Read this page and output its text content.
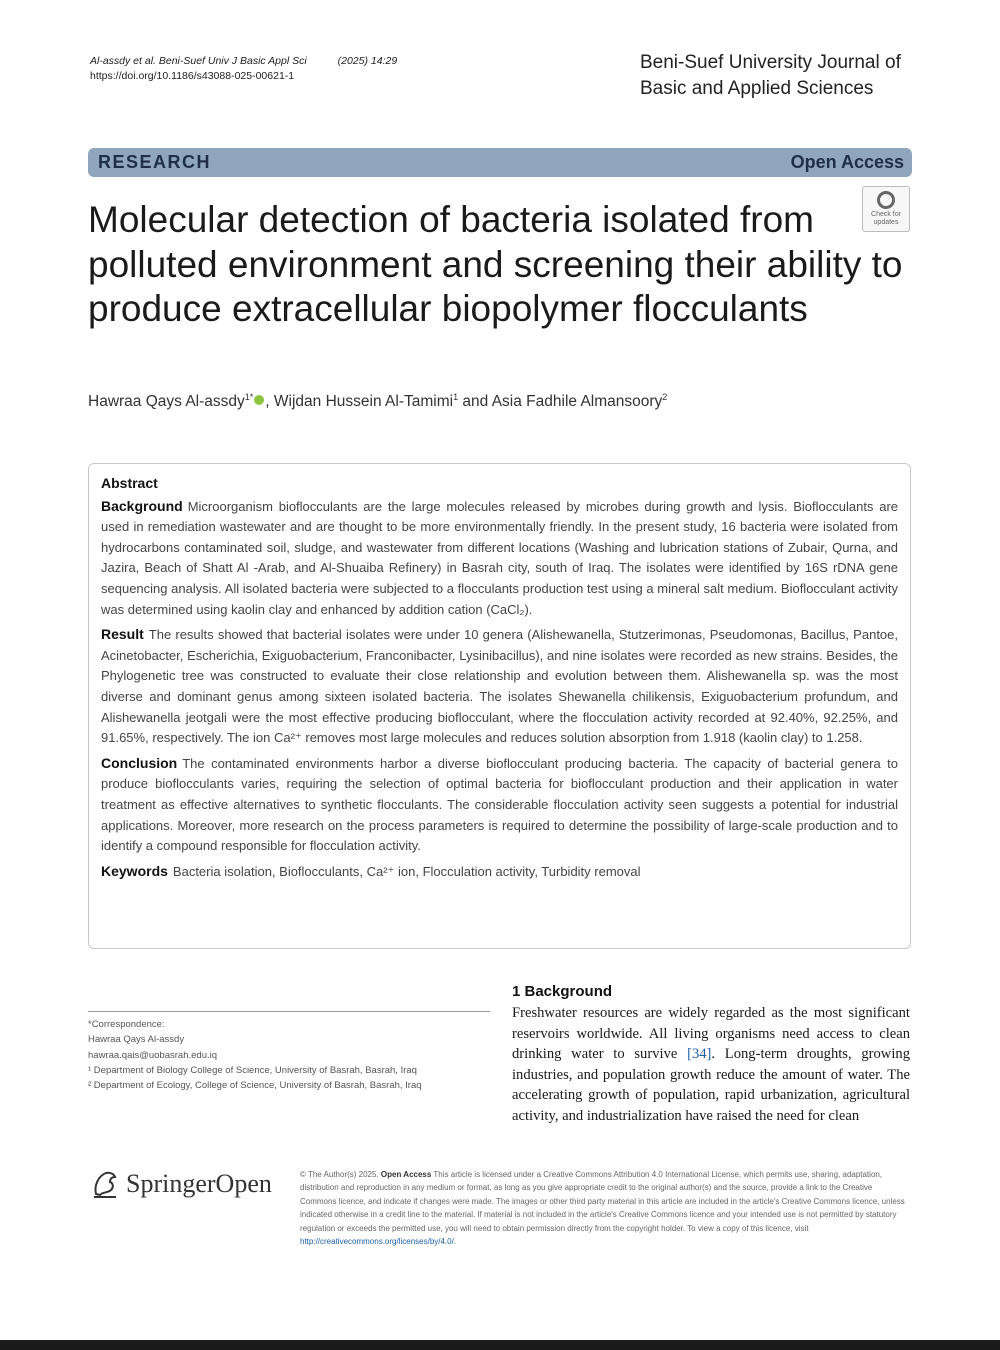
Al-assdy et al. Beni-Suef Univ J Basic Appl Sci	(2025) 14:29
https://doi.org/10.1186/s43088-025-00621-1
Beni-Suef University Journal of
Basic and Applied Sciences
RESEARCH	Open Access
Check for updates
Molecular detection of bacteria isolated from polluted environment and screening their ability to produce extracellular biopolymer flocculants
Hawraa Qays Al-assdy$^{1*}$ , Wijdan Hussein Al-Tamimi$^1$ and Asia Fadhile Almansoory$^2$
Abstract

Background Microorganism bioflocculants are the large molecules released by microbes during growth and lysis. Bioflocculants are used in remediation wastewater and are thought to be more environmentally friendly. In the present study, 16 bacteria were isolated from hydrocarbons contaminated soil, sludge, and wastewater from different locations (Washing and lubrication stations of Zubair, Qurna, and Jazira, Beach of Shatt Al -Arab, and Al-Shuaiba Refinery) in Basrah city, south of Iraq. The isolates were identified by 16S rDNA gene sequencing analysis. All isolated bacteria were subjected to a flocculants production test using a mineral salt medium. Bioflocculant activity was determined using kaolin clay and enhanced by addition cation (CaCl₂).

Result The results showed that bacterial isolates were under 10 genera (Alishewanella, Stutzerimonas, Pseudomonas, Bacillus, Pantoe, Acinetobacter, Escherichia, Exiguobacterium, Franconibacter, Lysinibacillus), and nine isolates were recorded as new strains. Besides, the Phylogenetic tree was constructed to evaluate their close relationship and evolution between them. Alishewanella sp. was the most diverse and dominant genus among sixteen isolated bacteria. The isolates Shewanella chilikensis, Exiguobacterium profundum, and Alishewanella jeotgali were the most effective producing bioflocculant, where the flocculation activity recorded at 92.40%, 92.25%, and 91.65%, respectively. The ion Ca²⁺ removes most large molecules and reduces solution absorption from 1.918 (kaolin clay) to 1.258.

Conclusion The contaminated environments harbor a diverse bioflocculant producing bacteria. The capacity of bacterial genera to produce bioflocculants varies, requiring the selection of optimal bacteria for bioflocculant production and their application in water treatment as effective alternatives to synthetic flocculants. The considerable flocculation activity seen suggests a potential for industrial applications. Moreover, more research on the process parameters is required to determine the possibility of large-scale production and to identify a compound responsible for flocculation activity.

Keywords Bacteria isolation, Bioflocculants, Ca²⁺ ion, Flocculation activity, Turbidity removal

*Correspondence:
Hawraa Qays Al-assdy
hawraa.qais@uobasrah.edu.iq
¹ Department of Biology College of Science, University of Basrah, Basrah, Iraq
² Department of Ecology, College of Science, University of Basrah, Basrah, Iraq
1 Background

Freshwater resources are widely regarded as the most significant reservoirs worldwide. All living organisms need access to clean drinking water to survive [34]. Long-term droughts, growing industries, and population growth reduce the amount of water. The accelerating growth of population, rapid urbanization, agricultural activity, and industrialization have raised the need for clean

SpringerOpen	© The Author(s) 2025. Open Access This article is licensed under a Creative Commons Attribution 4.0 International License, which permits use, sharing, adaptation, distribution and reproduction in any medium or format, as long as you give appropriate credit to the original author(s) and the source, provide a link to the Creative Commons licence, and indicate if changes were made. The images or other third party material in this article are included in the article's Creative Commons licence, unless indicated otherwise in a credit line to the material. If material is not included in the article's Creative Commons licence and your intended use is not permitted by statutory regulation or exceeds the permitted use, you will need to obtain permission directly from the copyright holder. To view a copy of this licence, visit http://creativecommons.org/licenses/by/4.0/.
